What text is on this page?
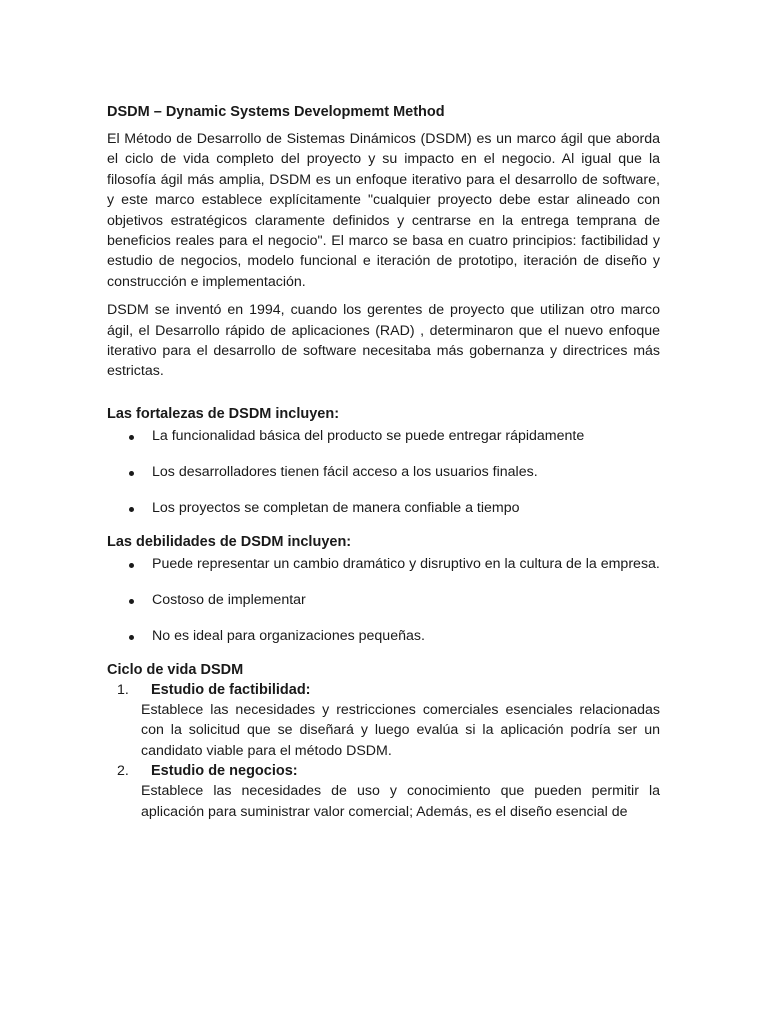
DSDM – Dynamic Systems Developmemt Method

El Método de Desarrollo de Sistemas Dinámicos (DSDM) es un marco ágil que aborda el ciclo de vida completo del proyecto y su impacto en el negocio. Al igual que la filosofía ágil más amplia, DSDM es un enfoque iterativo para el desarrollo de software, y este marco establece explícitamente "cualquier proyecto debe estar alineado con objetivos estratégicos claramente definidos y centrarse en la entrega temprana de beneficios reales para el negocio". El marco se basa en cuatro principios: factibilidad y estudio de negocios, modelo funcional e iteración de prototipo, iteración de diseño y construcción e implementación.

DSDM se inventó en 1994, cuando los gerentes de proyecto que utilizan otro marco ágil, el Desarrollo rápido de aplicaciones (RAD) , determinaron que el nuevo enfoque iterativo para el desarrollo de software necesitaba más gobernanza y directrices más estrictas.

Las fortalezas de DSDM incluyen:
La funcionalidad básica del producto se puede entregar rápidamente
Los desarrolladores tienen fácil acceso a los usuarios finales.
Los proyectos se completan de manera confiable a tiempo
Las debilidades de DSDM incluyen:
Puede representar un cambio dramático y disruptivo en la cultura de la empresa.
Costoso de implementar
No es ideal para organizaciones pequeñas.
Ciclo de vida DSDM
1.	Estudio de factibilidad:

Establece las necesidades y restricciones comerciales esenciales relacionadas con la solicitud que se diseñará y luego evalúa si la aplicación podría ser un candidato viable para el método DSDM.

2.	Estudio de negocios:

Establece las necesidades de uso y conocimiento que pueden permitir la aplicación para suministrar valor comercial; Además, es el diseño esencial de
